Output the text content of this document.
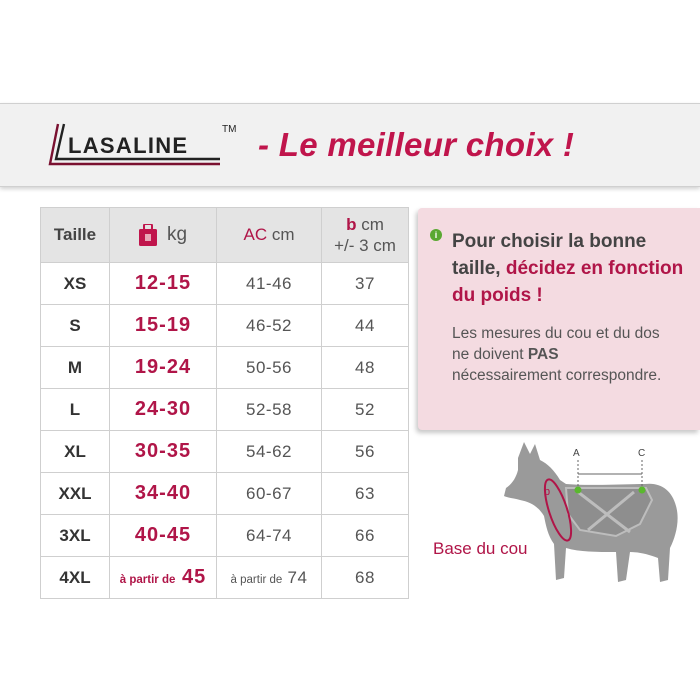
LASALINE
TM - Le meilleur choix !
Taille	kg	AC cm	b cm
+/- 3 cm
XS	12-15	41-46	37
S	15-19	46-52	44
M	19-24	50-56	48
L	24-30	52-58	52
XL	30-35	54-62	56
XXL	34-40	60-67	63
3XL	40-45	64-74	66
4XL	à partir de 45	à partir de 74	68
i Pour choisir la bonne taille, décidez en fonction du poids !
Les mesures du cou et du dos ne doivent PAS nécessairement correspondre.
A	C
b
Base du cou
